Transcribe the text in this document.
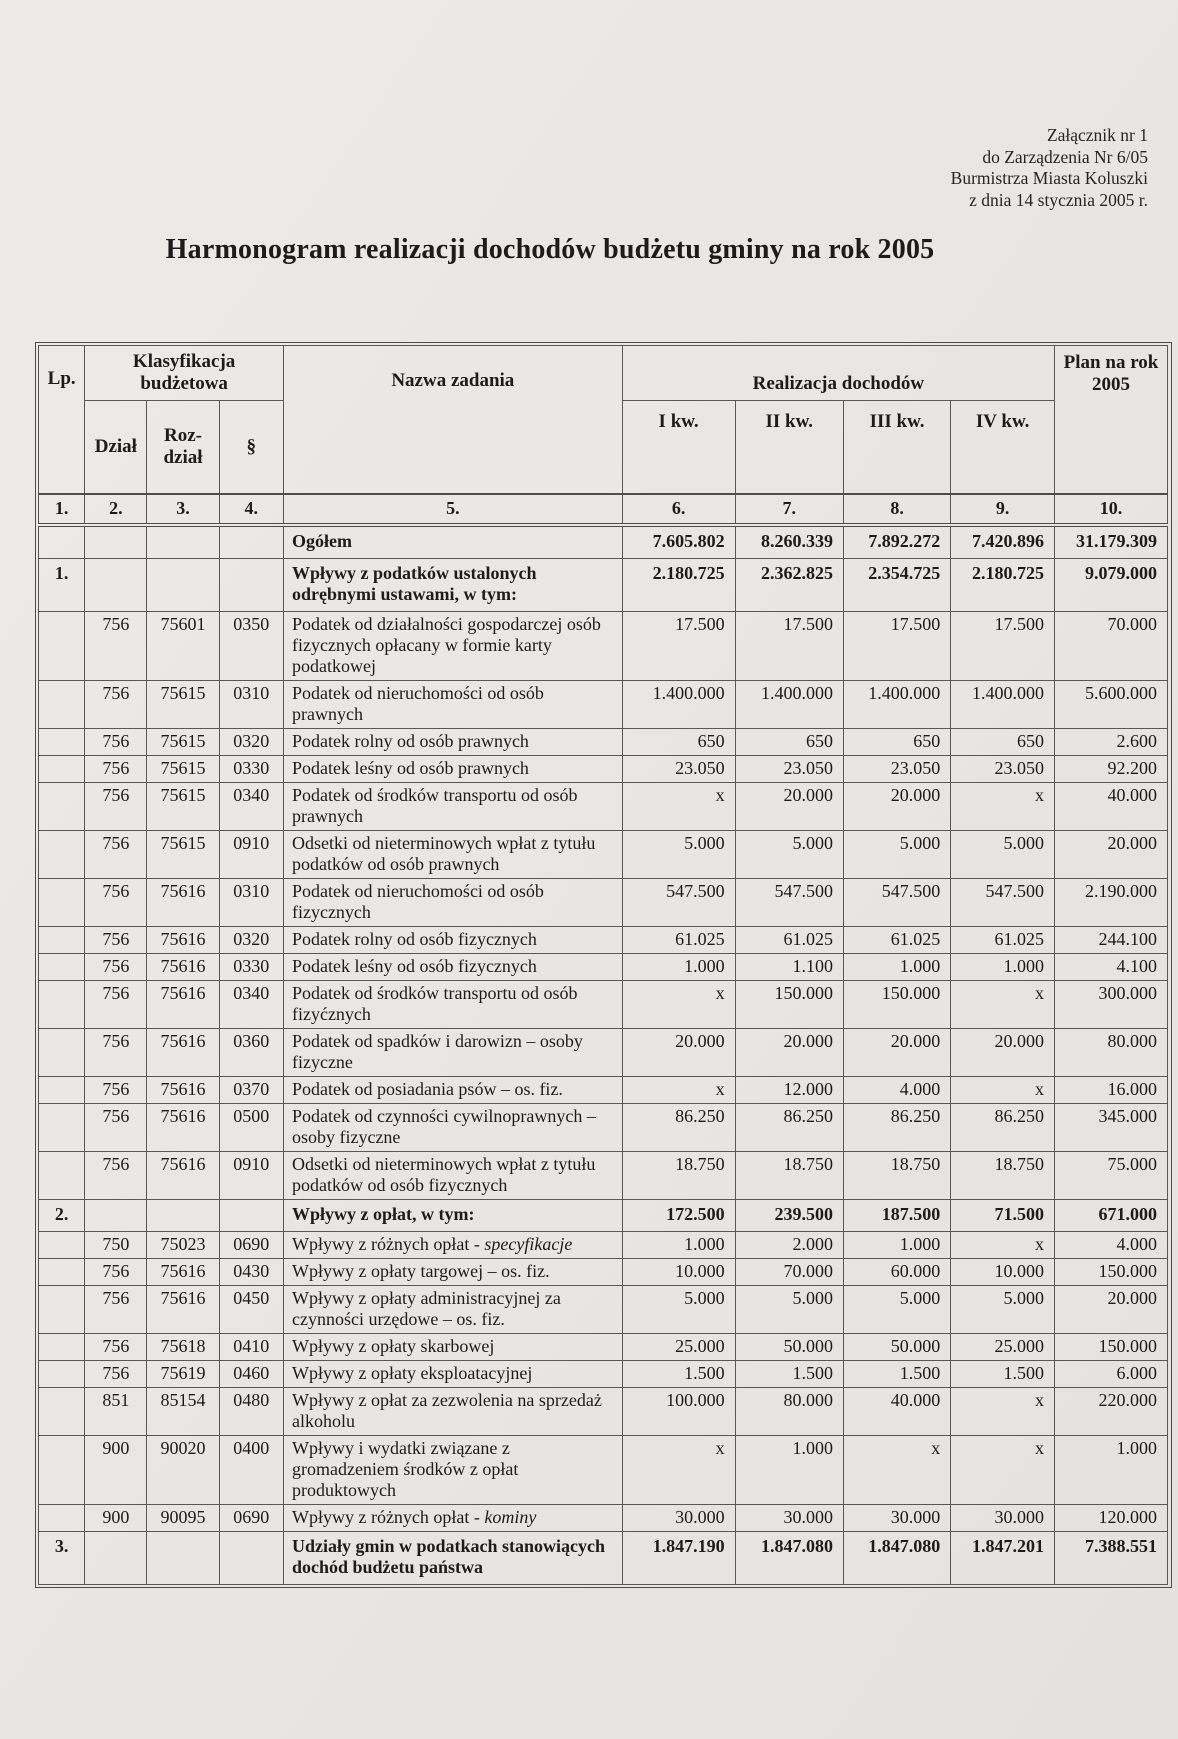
Załącznik nr 1
do Zarządzenia Nr 6/05
Burmistrza Miasta Koluszki
z dnia 14 stycznia 2005 r.
Harmonogram realizacji dochodów budżetu gminy na rok 2005
Lp.	Klasyfikacja budżetowa			Nazwa zadania	Realizacja dochodów				Plan na rok 2005
	Dział	Roz-dział	§		I kw.	II kw.	III kw.	IV kw.	
1.	2.	3.	4.	5.	6.	7.	8.	9.	10.
				Ogółem	7.605.802	8.260.339	7.892.272	7.420.896	31.179.309
1.				Wpływy z podatków ustalonych odrębnymi ustawami, w tym:	2.180.725	2.362.825	2.354.725	2.180.725	9.079.000
	756	75601	0350	Podatek od działalności gospodarczej osób fizycznych opłacany w formie karty podatkowej	17.500	17.500	17.500	17.500	70.000
	756	75615	0310	Podatek od nieruchomości od osób prawnych	1.400.000	1.400.000	1.400.000	1.400.000	5.600.000
	756	75615	0320	Podatek rolny od osób prawnych	650	650	650	650	2.600
	756	75615	0330	Podatek leśny od osób prawnych	23.050	23.050	23.050	23.050	92.200
	756	75615	0340	Podatek od środków transportu od osób prawnych	x	20.000	20.000	x	40.000
	756	75615	0910	Odsetki od nieterminowych wpłat z tytułu podatków od osób prawnych	5.000	5.000	5.000	5.000	20.000
	756	75616	0310	Podatek od nieruchomości od osób fizycznych	547.500	547.500	547.500	547.500	2.190.000
	756	75616	0320	Podatek rolny od osób fizycznych	61.025	61.025	61.025	61.025	244.100
	756	75616	0330	Podatek leśny od osób fizycznych	1.000	1.100	1.000	1.000	4.100
	756	75616	0340	Podatek od środków transportu od osób fizyćznych	x	150.000	150.000	x	300.000
	756	75616	0360	Podatek od spadków i darowizn – osoby fizyczne	20.000	20.000	20.000	20.000	80.000
	756	75616	0370	Podatek od posiadania psów – os. fiz.	x	12.000	4.000	x	16.000
	756	75616	0500	Podatek od czynności cywilnoprawnych – osoby fizyczne	86.250	86.250	86.250	86.250	345.000
	756	75616	0910	Odsetki od nieterminowych wpłat z tytułu podatków od osób fizycznych	18.750	18.750	18.750	18.750	75.000
2.				Wpływy z opłat, w tym:	172.500	239.500	187.500	71.500	671.000
	750	75023	0690	Wpływy z różnych opłat - specyfikacje	1.000	2.000	1.000	x	4.000
	756	75616	0430	Wpływy z opłaty targowej – os. fiz.	10.000	70.000	60.000	10.000	150.000
	756	75616	0450	Wpływy z opłaty administracyjnej za czynności urzędowe – os. fiz.	5.000	5.000	5.000	5.000	20.000
	756	75618	0410	Wpływy z opłaty skarbowej	25.000	50.000	50.000	25.000	150.000
	756	75619	0460	Wpływy z opłaty eksploatacyjnej	1.500	1.500	1.500	1.500	6.000
	851	85154	0480	Wpływy z opłat za zezwolenia na sprzedaż alkoholu	100.000	80.000	40.000	x	220.000
	900	90020	0400	Wpływy i wydatki związane z gromadzeniem środków z opłat produktowych	x	1.000	x	x	1.000
	900	90095	0690	Wpływy z różnych opłat - kominy	30.000	30.000	30.000	30.000	120.000
3.				Udziały gmin w podatkach stanowiących dochód budżetu państwa	1.847.190	1.847.080	1.847.080	1.847.201	7.388.551
